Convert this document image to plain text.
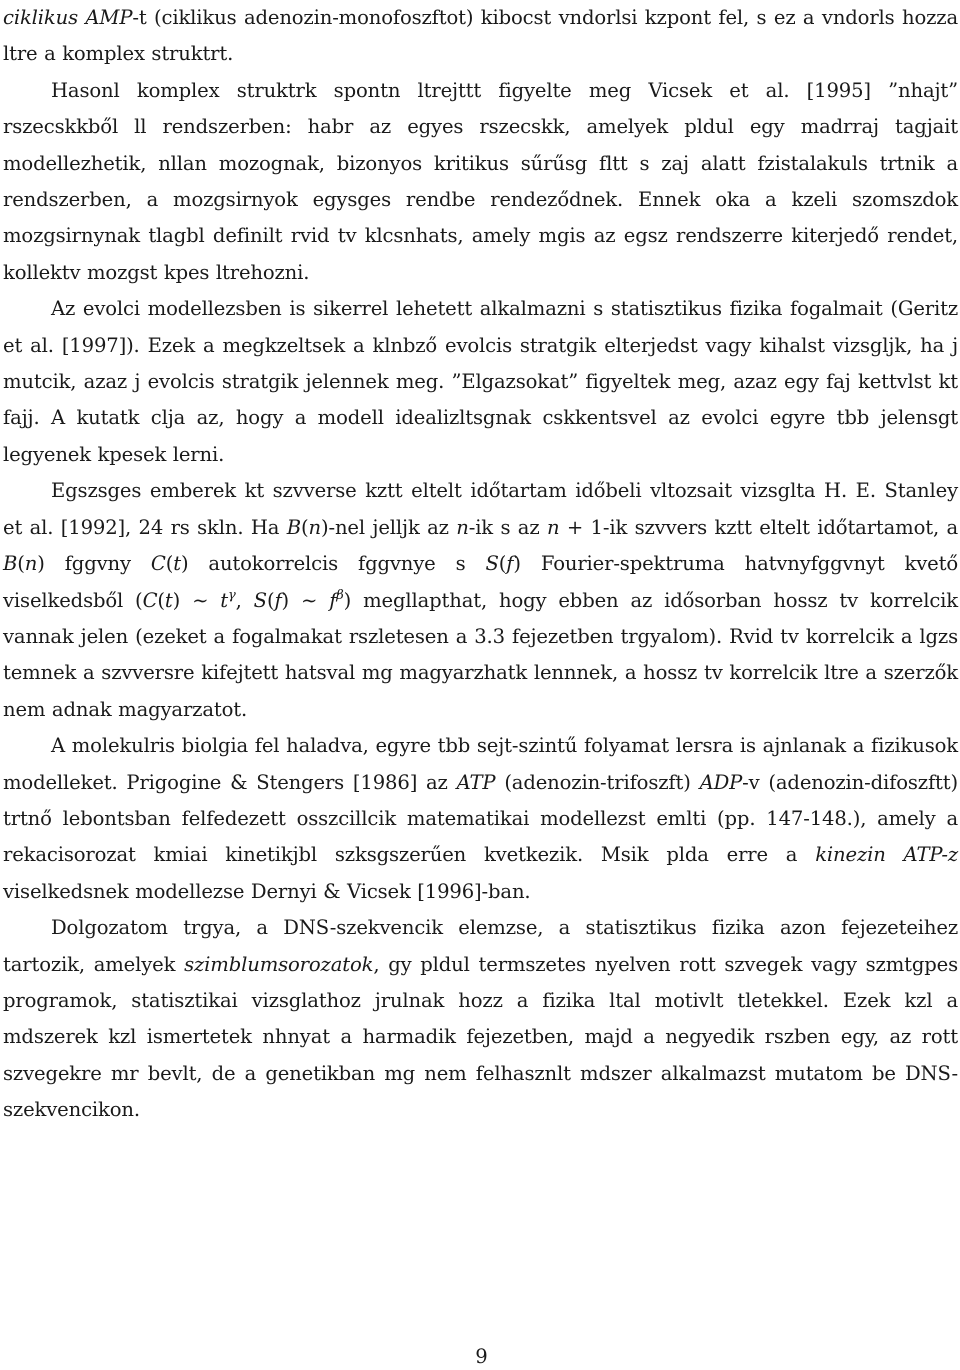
ciklikus AMP-t (ciklikus adenozin-monofoszftot) kibocst vndorlsi kzpont fel, s ez a vndorls hozza ltre a komplex struktrt.

Hasonl komplex struktrk spontn ltrejttt figyelte meg Vicsek et al. [1995] ”nhajt” rszecskkből ll rendszerben: habr az egyes rszecskk, amelyek pldul egy madrraj tagjait modellezhetik, nllan mozognak, bizonyos kritikus sűrűsg fltt s zaj alatt fzistalakuls trtnik a rendszerben, a mozgsirnyok egysges rendbe rendeződnek. Ennek oka a kzeli szomszdok mozgsirnynak tlagbl definilt rvid tv klcsnhats, amely mgis az egsz rendszerre kiterjedő rendet, kollektv mozgst kpes ltrehozni.

Az evolci modellezsben is sikerrel lehetett alkalmazni s statisztikus fizika fogalmait (Geritz et al. [1997]). Ezek a megkzeltsek a klnbző evolcis stratgik elterjedst vagy kihalst vizsgljk, ha j mutcik, azaz j evolcis stratgik jelennek meg. ”Elgazsokat” figyeltek meg, azaz egy faj kettvlst kt fajj. A kutatk clja az, hogy a modell idealizltsgnak cskkentsvel az evolci egyre tbb jelensgt legyenek kpesek lerni.

Egszsges emberek kt szvverse kztt eltelt időtartam időbeli vltozsait vizsglta H. E. Stanley et al. [1992], 24 rs skln. Ha B(n)-nel jelljk az n-ik s az n + 1-ik szvvers kztt eltelt időtartamot, a B(n) fggvny C(t) autokorrelcis fggvnye s S(f) Fourier-spektruma hatvnyfggvnyt kvető viselkedsből (C(t) ∼ $t^\gamma$, S(f) ∼ $f^\beta$) megllapthat, hogy ebben az idősorban hossz tv korrelcik vannak jelen (ezeket a fogalmakat rszletesen a 3.3 fejezetben trgyalom). Rvid tv korrelcik a lgzs temnek a szvversre kifejtett hatsval mg magyarzhatk lennnek, a hossz tv korrelcik ltre a szerzők nem adnak magyarzatot.

A molekulris biolgia fel haladva, egyre tbb sejt-szintű folyamat lersra is ajnlanak a fizikusok modelleket. Prigogine & Stengers [1986] az ATP (adenozin-trifoszft) ADP-v (adenozin-difoszftt) trtnő lebontsban felfedezett osszcillcik matematikai modellezst emlti (pp. 147-148.), amely a rekacisorozat kmiai kinetikjbl szksgszerűen kvetkezik. Msik plda erre a kinezin ATP-z viselkedsnek modellezse Dernyi & Vicsek [1996]-ban.

Dolgozatom trgya, a DNS-szekvencik elemzse, a statisztikus fizika azon fejezeteihez tartozik, amelyek szimblumsorozatok, gy pldul termszetes nyelven rott szvegek vagy szmtgpes programok, statisztikai vizsglathoz jrulnak hozz a fizika ltal motivlt tletekkel. Ezek kzl a mdszerek kzl ismertetek nhnyat a harmadik fejezetben, majd a negyedik rszben egy, az rott szvegekre mr bevlt, de a genetikban mg nem felhasznlt mdszer alkalmazst mutatom be DNS-szekvencikon.

9
